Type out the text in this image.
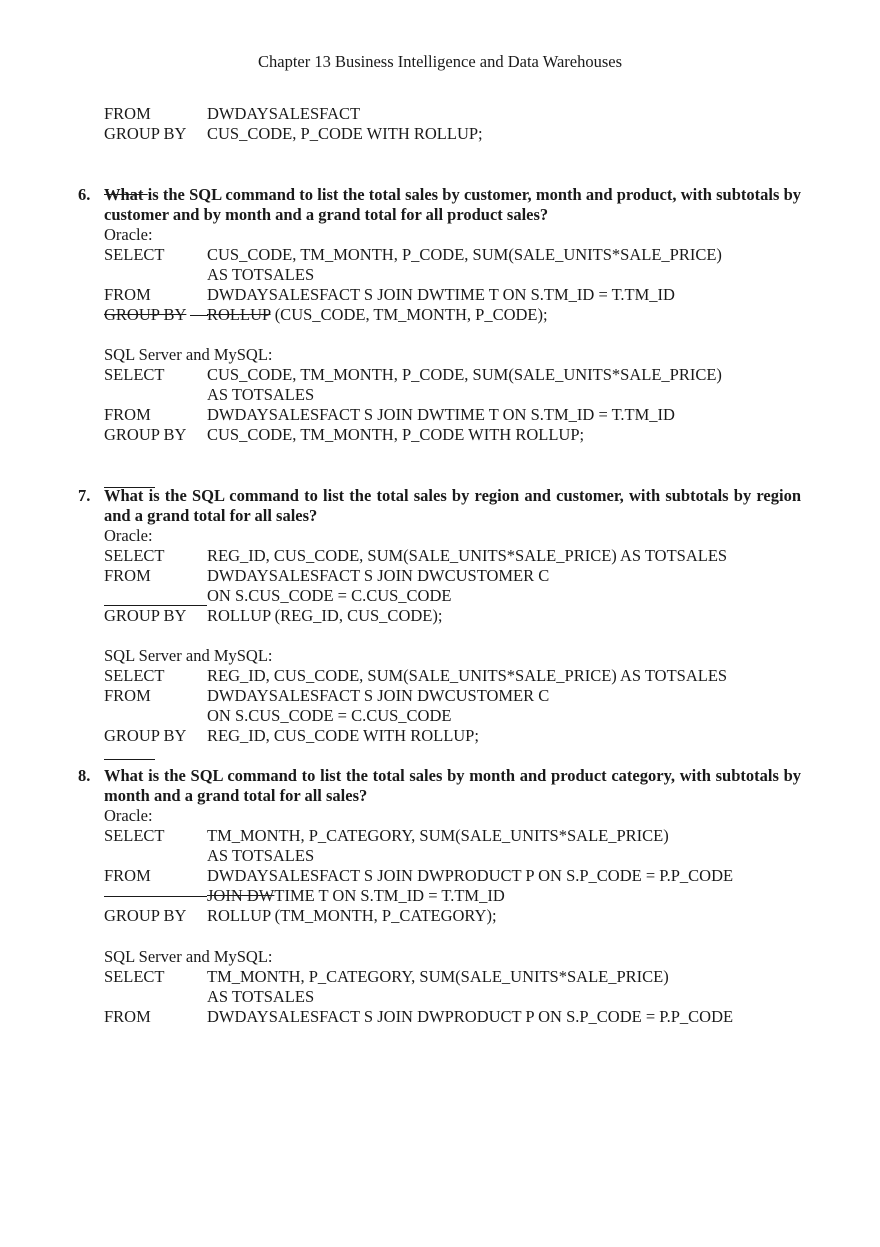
Chapter 13 Business Intelligence and Data Warehouses
FROM	DWDAYSALESFACT
GROUP BY CUS_CODE, P_CODE WITH ROLLUP;
6. What is the SQL command to list the total sales by customer, month and product, with subtotals by customer and by month and a grand total for all product sales?
Oracle:
SELECT	CUS_CODE, TM_MONTH, P_CODE, SUM(SALE_UNITS*SALE_PRICE)
AS TOTSALES
FROM	DWDAYSALESFACT S JOIN DWTIME T ON S.TM_ID = T.TM_ID
GROUP BY ROLLUP (CUS_CODE, TM_MONTH, P_CODE);
SQL Server and MySQL:
SELECT	CUS_CODE, TM_MONTH, P_CODE, SUM(SALE_UNITS*SALE_PRICE)
AS TOTSALES
FROM	DWDAYSALESFACT S JOIN DWTIME T ON S.TM_ID = T.TM_ID
GROUP BY CUS_CODE, TM_MONTH, P_CODE WITH ROLLUP;
7. What is the SQL command to list the total sales by region and customer, with subtotals by region and a grand total for all sales?
Oracle:
SELECT	REG_ID, CUS_CODE, SUM(SALE_UNITS*SALE_PRICE) AS TOTSALES
FROM	DWDAYSALESFACT S JOIN DWCUSTOMER C
ON S.CUS_CODE = C.CUS_CODE
GROUP BY ROLLUP (REG_ID, CUS_CODE);
SQL Server and MySQL:
SELECT	REG_ID, CUS_CODE, SUM(SALE_UNITS*SALE_PRICE) AS TOTSALES
FROM	DWDAYSALESFACT S JOIN DWCUSTOMER C
ON S.CUS_CODE = C.CUS_CODE
GROUP BY REG_ID, CUS_CODE WITH ROLLUP;
8. What is the SQL command to list the total sales by month and product category, with subtotals by month and a grand total for all sales?
Oracle:
SELECT	TM_MONTH, P_CATEGORY, SUM(SALE_UNITS*SALE_PRICE)
AS TOTSALES
FROM	DWDAYSALESFACT S JOIN DWPRODUCT P ON S.P_CODE = P.P_CODE
JOIN DWTIME T ON S.TM_ID = T.TM_ID
GROUP BY ROLLUP (TM_MONTH, P_CATEGORY);
SQL Server and MySQL:
SELECT	TM_MONTH, P_CATEGORY, SUM(SALE_UNITS*SALE_PRICE)
AS TOTSALES
FROM	DWDAYSALESFACT S JOIN DWPRODUCT P ON S.P_CODE = P.P_CODE
